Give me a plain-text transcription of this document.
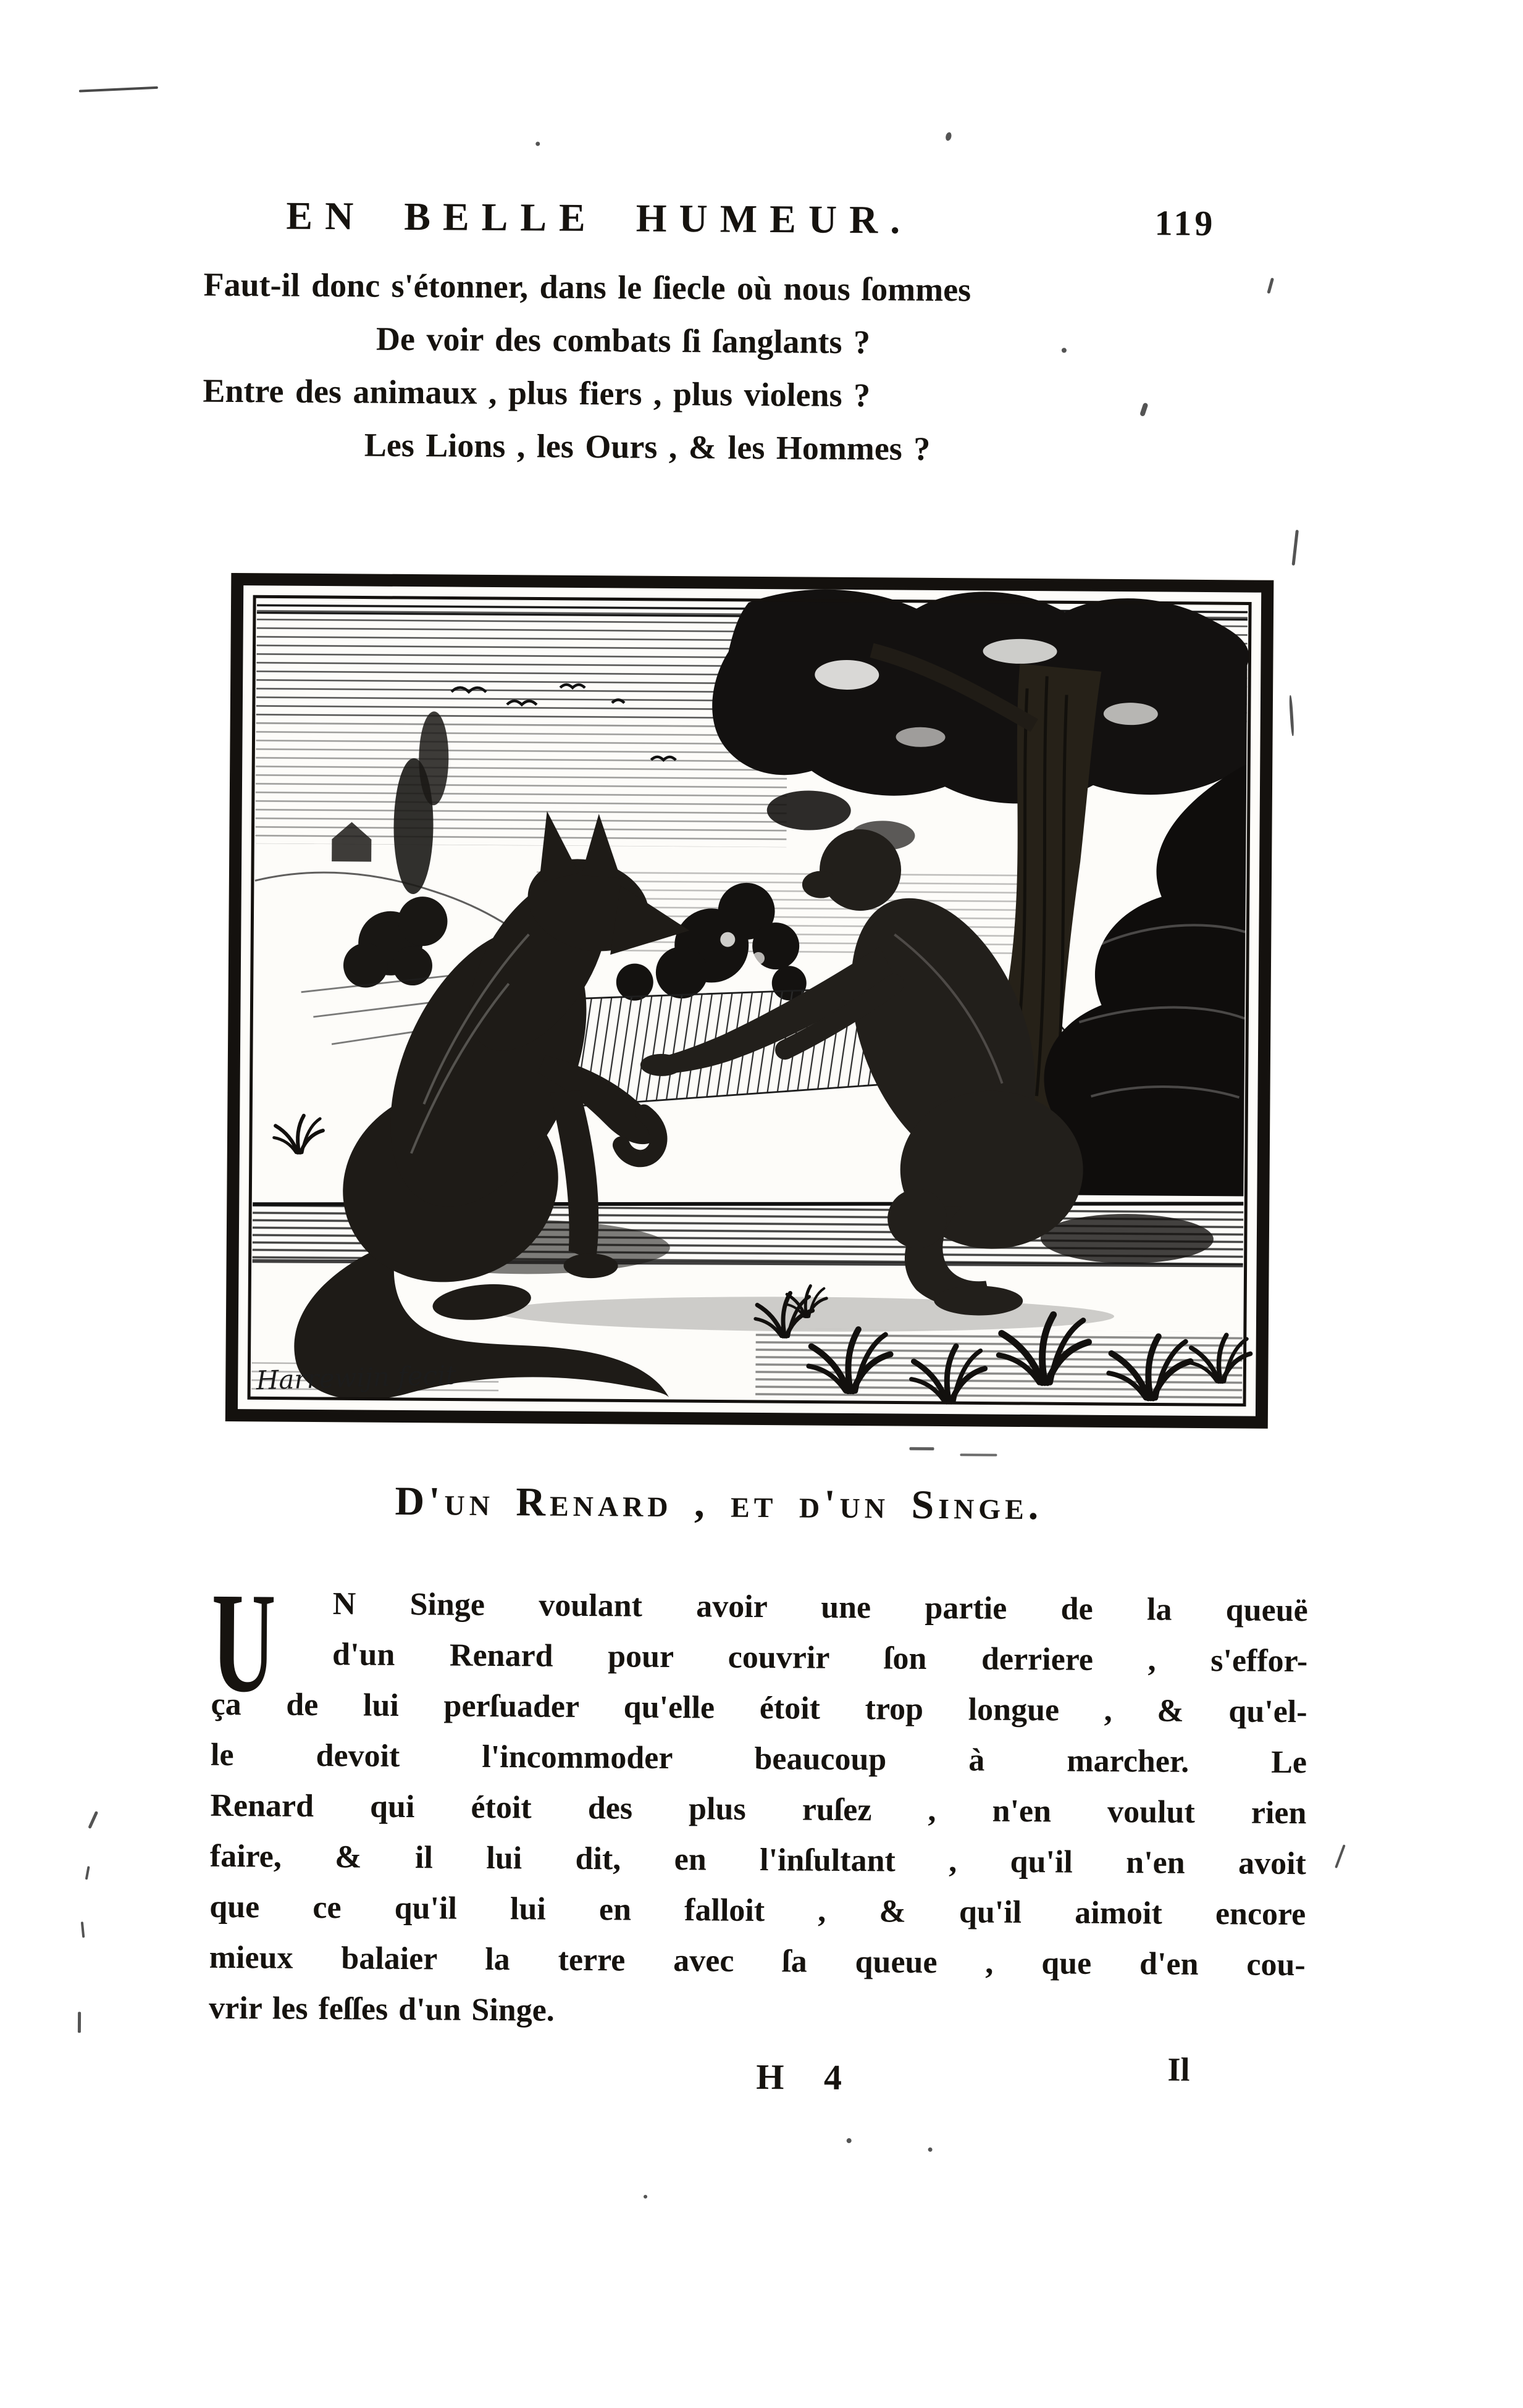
EN BELLE HUMEUR.	119
Faut-il donc s'étonner, dans le ſiecle où nous ſommes
De voir des combats ſi ſanglants ?
Entre des animaux , plus fiers , plus violens ?
Les Lions , les Ours , & les Hommes ?
Harrewijn fecit
D'un Renard , et d'un Singe.
U	N Singe voulant avoir une partie de la queuë
d'un Renard pour couvrir ſon derriere , s'effor-
ça de lui perſuader qu'elle étoit trop longue , & qu'el-
le devoit l'incommoder beaucoup à marcher. Le
Renard qui étoit des plus ruſez , n'en voulut rien
faire, & il lui dit, en l'inſultant , qu'il n'en avoit
que ce qu'il lui en falloit , & qu'il aimoit encore
mieux balaier la terre avec ſa queue , que d'en cou-
vrir les feſſes d'un Singe.
H 4	Il
